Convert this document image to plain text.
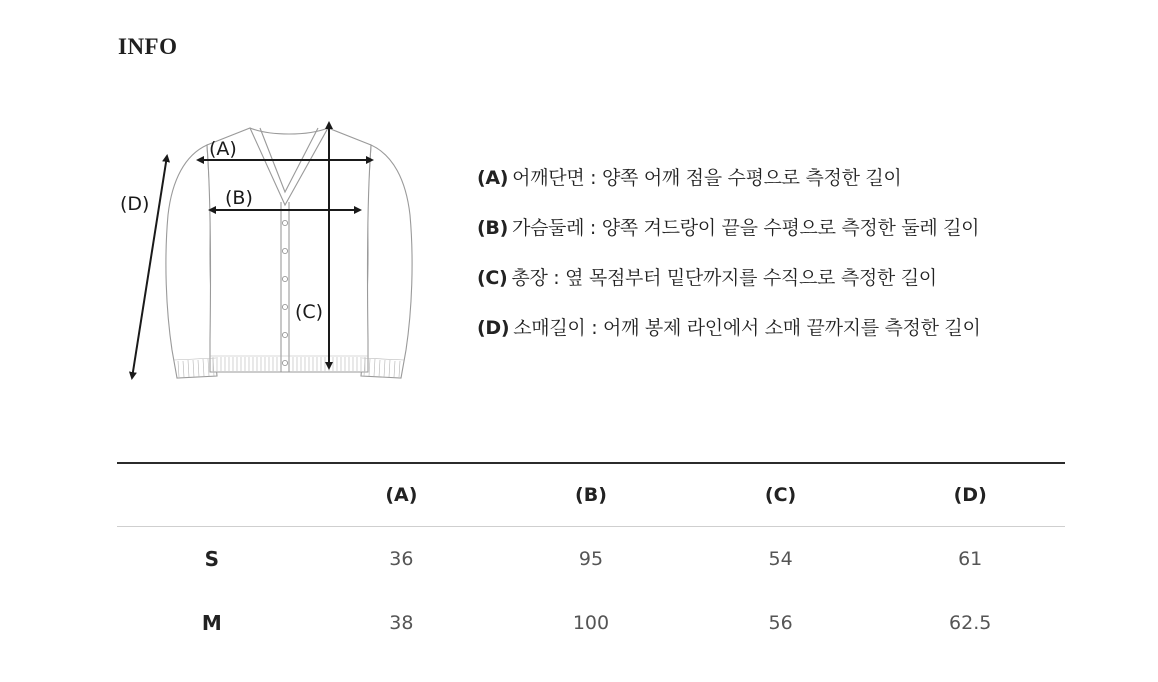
INFO
(A)
(B)
(C)
(D)
(A) 어깨단면 : 양쪽 어깨 점을 수평으로 측정한 길이
(B) 가슴둘레 : 양쪽 겨드랑이 끝을 수평으로 측정한 둘레 길이
(C) 총장 : 옆 목점부터 밑단까지를 수직으로 측정한 길이
(D) 소매길이 : 어깨 봉제 라인에서 소매 끝까지를 측정한 길이
	(A)	(B)	(C)	(D)
S	36	95	54	61
M	38	100	56	62.5
